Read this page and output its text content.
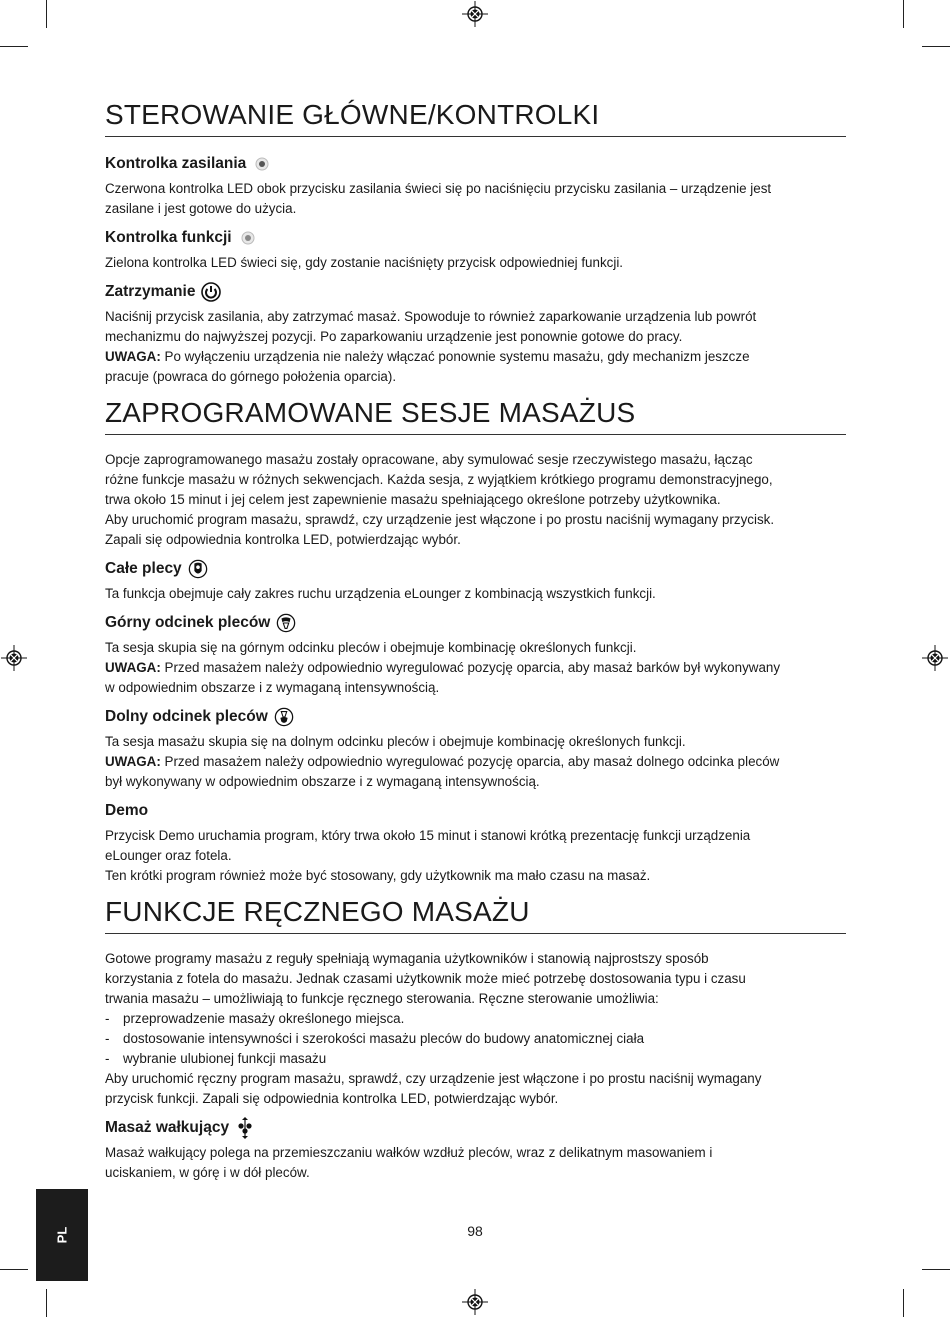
STEROWANIE GŁÓWNE/KONTROLKI
Kontrolka zasilania

Czerwona kontrolka LED obok przycisku zasilania świeci się po naciśnięciu przycisku zasilania – urządzenie jest
zasilane i jest gotowe do użycia.

Kontrolka funkcji

Zielona kontrolka LED świeci się, gdy zostanie naciśnięty przycisk odpowiedniej funkcji.

Zatrzymanie

Naciśnij przycisk zasilania, aby zatrzymać masaż. Spowoduje to również zaparkowanie urządzenia lub powrót
mechanizmu do najwyższej pozycji. Po zaparkowaniu urządzenie jest ponownie gotowe do pracy.
UWAGA: Po wyłączeniu urządzenia nie należy włączać ponownie systemu masażu, gdy mechanizm jeszcze
pracuje (powraca do górnego położenia oparcia).

ZAPROGRAMOWANE SESJE MASAŻUS

Opcje zaprogramowanego masażu zostały opracowane, aby symulować sesje rzeczywistego masażu, łącząc
różne funkcje masażu w różnych sekwencjach. Każda sesja, z wyjątkiem krótkiego programu demonstracyjnego,
trwa około 15 minut i jej celem jest zapewnienie masażu spełniającego określone potrzeby użytkownika.
Aby uruchomić program masażu, sprawdź, czy urządzenie jest włączone i po prostu naciśnij wymagany przycisk.
Zapali się odpowiednia kontrolka LED, potwierdzając wybór.

Całe plecy

Ta funkcja obejmuje cały zakres ruchu urządzenia eLounger z kombinacją wszystkich funkcji.

Górny odcinek pleców

Ta sesja skupia się na górnym odcinku pleców i obejmuje kombinację określonych funkcji.
UWAGA: Przed masażem należy odpowiednio wyregulować pozycję oparcia, aby masaż barków był wykonywany
w odpowiednim obszarze i z wymaganą intensywnością.

Dolny odcinek pleców

Ta sesja masażu skupia się na dolnym odcinku pleców i obejmuje kombinację określonych funkcji.
UWAGA: Przed masażem należy odpowiednio wyregulować pozycję oparcia, aby masaż dolnego odcinka pleców
był wykonywany w odpowiednim obszarze i z wymaganą intensywnością.

Demo

Przycisk Demo uruchamia program, który trwa około 15 minut i stanowi krótką prezentację funkcji urządzenia
eLounger oraz fotela.
Ten krótki program również może być stosowany, gdy użytkownik ma mało czasu na masaż.

FUNKCJE RĘCZNEGO MASAŻU
Gotowe programy masażu z reguły spełniają wymagania użytkowników i stanowią najprostszy sposób
korzystania z fotela do masażu. Jednak czasami użytkownik może mieć potrzebę dostosowania typu i czasu
trwania masażu – umożliwiają to funkcje ręcznego sterowania. Ręczne sterowanie umożliwia:
-	przeprowadzenie masaży określonego miejsca.
-	dostosowanie intensywności i szerokości masażu pleców do budowy anatomicznej ciała
-	wybranie ulubionej funkcji masażu
Aby uruchomić ręczny program masażu, sprawdź, czy urządzenie jest włączone i po prostu naciśnij wymagany
przycisk funkcji. Zapali się odpowiednia kontrolka LED, potwierdzając wybór.
Masaż wałkujący

Masaż wałkujący polega na przemieszczaniu wałków wzdłuż pleców, wraz z delikatnym masowaniem i
uciskaniem, w górę i w dół pleców.

PL	98
